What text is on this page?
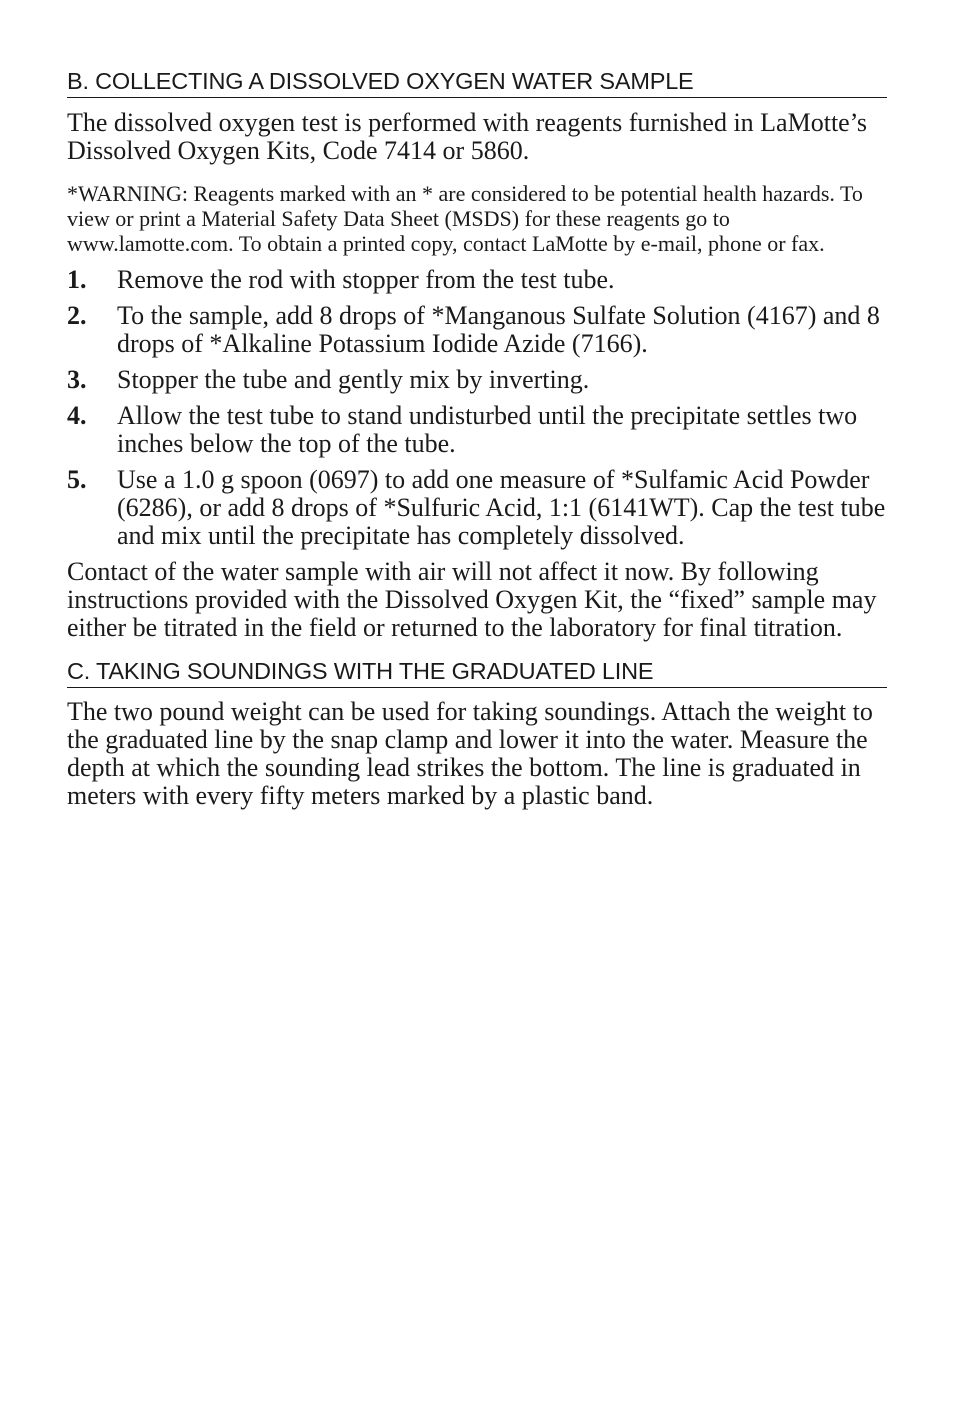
B. COLLECTING A DISSOLVED OXYGEN WATER SAMPLE

The dissolved oxygen test is performed with reagents furnished in LaMotte’s Dissolved Oxygen Kits, Code 7414 or 5860.

*WARNING: Reagents marked with an * are considered to be potential health hazards. To view or print a Material Safety Data Sheet (MSDS) for these reagents go to www.lamotte.com. To obtain a printed copy, contact LaMotte by e-mail, phone or fax.

1.	Remove the rod with stopper from the test tube.
2.	To the sample, add 8 drops of *Manganous Sulfate Solution (4167) and 8 drops of *Alkaline Potassium Iodide Azide (7166).
3.	Stopper the tube and gently mix by inverting.
4.	Allow the test tube to stand undisturbed until the precipitate settles two inches below the top of the tube.
5.	Use a 1.0 g spoon (0697) to add one measure of *Sulfamic Acid Powder (6286), or add 8 drops of *Sulfuric Acid, 1:1 (6141WT). Cap the test tube and mix until the precipitate has completely dissolved.

Contact of the water sample with air will not affect it now. By following instructions provided with the Dissolved Oxygen Kit, the “fixed” sample may either be titrated in the field or returned to the laboratory for final titration.

C. TAKING SOUNDINGS WITH THE GRADUATED LINE

The two pound weight can be used for taking soundings. Attach the weight to the graduated line by the snap clamp and lower it into the water. Measure the depth at which the sounding lead strikes the bottom. The line is graduated in meters with every fifty meters marked by a plastic band.
